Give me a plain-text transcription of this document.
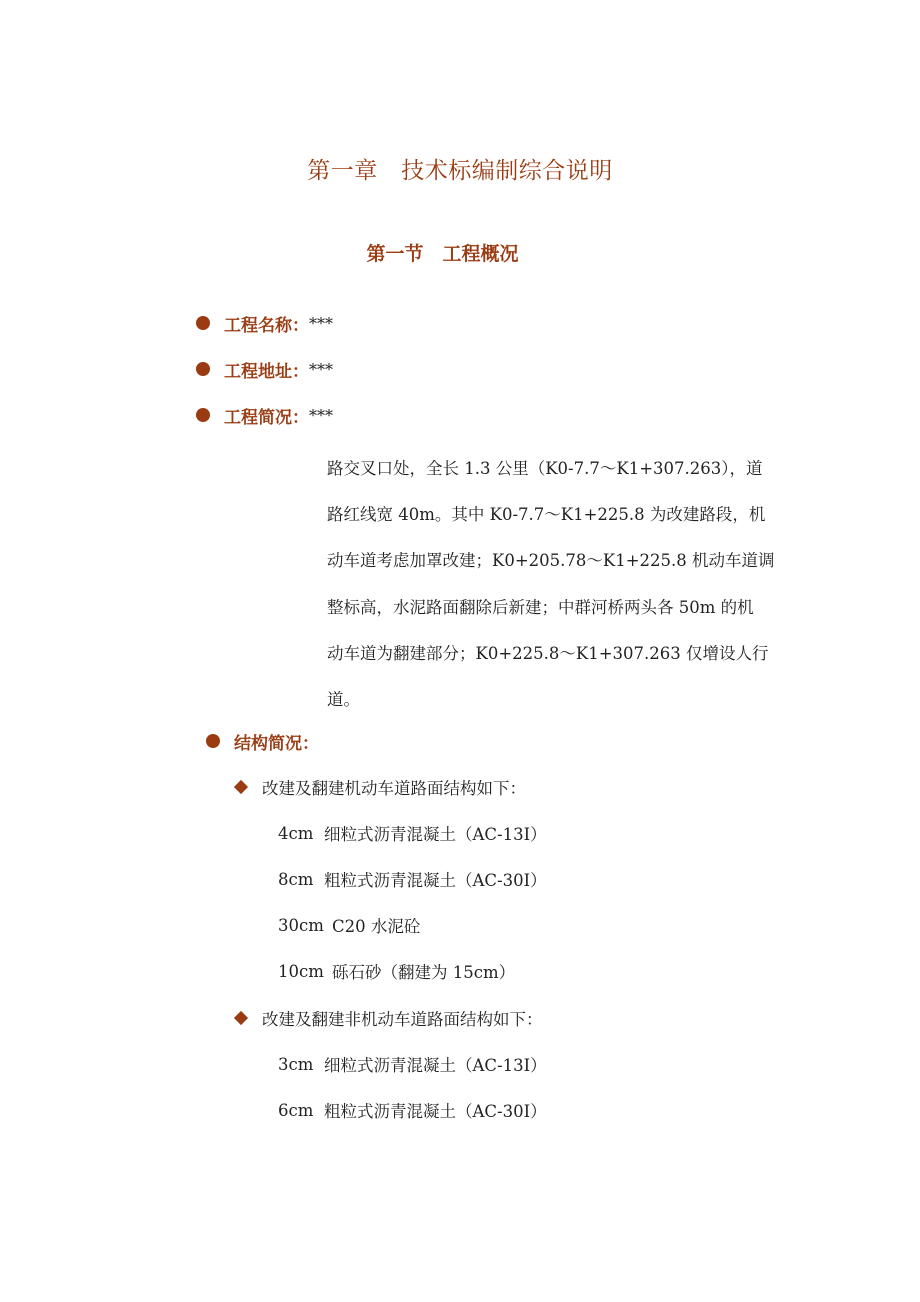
第一章　技术标编制综合说明
第一节　工程概况
工程名称： ***
工程地址： ***
工程简况： ***
路交叉口处，全长 1.3 公里（K0-7.7～K1+307.263），道
路红线宽 40m。其中 K0-7.7～K1+225.8 为改建路段，机
动车道考虑加罩改建；K0+205.78～K1+225.8 机动车道调
整标高，水泥路面翻除后新建；中群河桥两头各 50m 的机
动车道为翻建部分；K0+225.8～K1+307.263 仅增设人行
道。
结构简况：
改建及翻建机动车道路面结构如下：
4cm 细粒式沥青混凝土（AC-13I）
8cm 粗粒式沥青混凝土（AC-30I）
30cm C20 水泥砼
10cm 砾石砂（翻建为 15cm）
改建及翻建非机动车道路面结构如下：
3cm 细粒式沥青混凝土（AC-13I）
6cm 粗粒式沥青混凝土（AC-30I）
